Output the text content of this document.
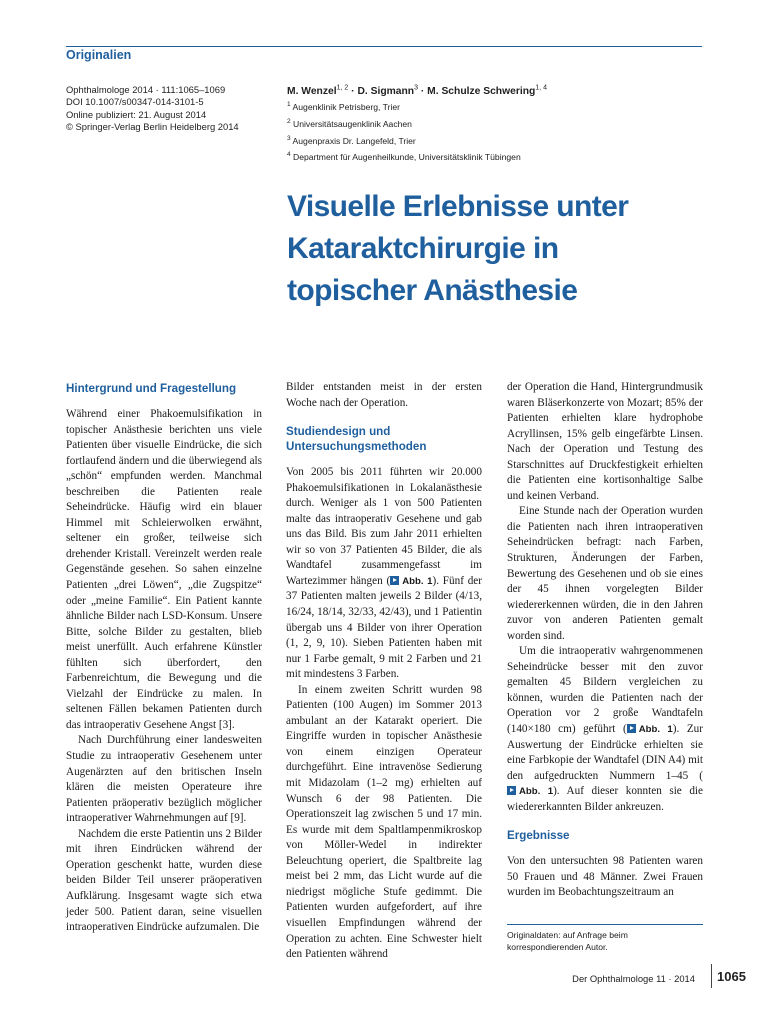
Originalien
Ophthalmologe 2014 · 111:1065–1069
DOI 10.1007/s00347-014-3101-5
Online publiziert: 21. August 2014
© Springer-Verlag Berlin Heidelberg 2014
M. Wenzel$^{1, 2}$ · D. Sigmann$^3$ · M. Schulze Schwering$^{1, 4}$
$^1$ Augenklinik Petrisberg, Trier
$^2$ Universitätsaugenklinik Aachen
$^3$ Augenpraxis Dr. Langefeld, Trier
$^4$ Department für Augenheilkunde, Universitätsklinik Tübingen
Visuelle Erlebnisse unter
Kataraktchirurgie in
topischer Anästhesie
Hintergrund und Fragestellung

Während einer Phakoemulsifikation in topischer Anästhesie berichten uns viele Patienten über visuelle Eindrücke, die sich fortlaufend ändern und die überwiegend als „schön“ empfunden werden. Manchmal beschreiben die Patienten reale Seheindrücke. Häufig wird ein blauer Himmel mit Schleierwolken erwähnt, seltener ein großer, teilweise sich drehender Kristall. Vereinzelt werden reale Gegenstände gesehen. So sahen einzelne Patienten „drei Löwen“, „die Zugspitze“ oder „meine Familie“. Ein Patient kannte ähnliche Bilder nach LSD-Konsum. Unsere Bitte, solche Bilder zu gestalten, blieb meist unerfüllt. Auch erfahrene Künstler fühlten sich überfordert, den Farbenreichtum, die Bewegung und die Vielzahl der Eindrücke zu malen. In seltenen Fällen bekamen Patienten durch das intraoperativ Gesehene Angst [3].

Nach Durchführung einer landesweiten Studie zu intraoperativ Gesehenem unter Augenärzten auf den britischen Inseln klären die meisten Operateure ihre Patienten präoperativ bezüglich möglicher intraoperativer Wahrnehmungen auf [9].

Nachdem die erste Patientin uns 2 Bilder mit ihren Eindrücken während der Operation geschenkt hatte, wurden diese beiden Bilder Teil unserer präoperativen Aufklärung. Insgesamt wagte sich etwa jeder 500. Patient daran, seine visuellen intraoperativen Eindrücke aufzumalen. Die

Bilder entstanden meist in der ersten Woche nach der Operation.

Studiendesign und Untersuchungsmethoden

Von 2005 bis 2011 führten wir 20.000 Phakoemulsifikationen in Lokalanästhesie durch. Weniger als 1 von 500 Patienten malte das intraoperativ Gesehene und gab uns das Bild. Bis zum Jahr 2011 erhielten wir so von 37 Patienten 45 Bilder, die als Wandtafel zusammengefasst im Wartezimmer hängen ( Abb. 1). Fünf der 37 Patienten malten jeweils 2 Bilder (4/13, 16/24, 18/14, 32/33, 42/43), und 1 Patientin übergab uns 4 Bilder von ihrer Operation (1, 2, 9, 10). Sieben Patienten haben mit nur 1 Farbe gemalt, 9 mit 2 Farben und 21 mit mindestens 3 Farben.

In einem zweiten Schritt wurden 98 Patienten (100 Augen) im Sommer 2013 ambulant an der Katarakt operiert. Die Eingriffe wurden in topischer Anästhesie von einem einzigen Operateur durchgeführt. Eine intravenöse Sedierung mit Midazolam (1–2 mg) erhielten auf Wunsch 6 der 98 Patienten. Die Operationszeit lag zwischen 5 und 17 min. Es wurde mit dem Spaltlampenmikroskop von Möller-Wedel in indirekter Beleuchtung operiert, die Spaltbreite lag meist bei 2 mm, das Licht wurde auf die niedrigst mögliche Stufe gedimmt. Die Patienten wurden aufgefordert, auf ihre visuellen Empfindungen während der Operation zu achten. Eine Schwester hielt den Patienten während

der Operation die Hand, Hintergrundmusik waren Bläserkonzerte von Mozart; 85% der Patienten erhielten klare hydrophobe Acryllinsen, 15% gelb eingefärbte Linsen. Nach der Operation und Testung des Starschnittes auf Druckfestigkeit erhielten die Patienten eine kortisonhaltige Salbe und keinen Verband.

Eine Stunde nach der Operation wurden die Patienten nach ihren intraoperativen Seheindrücken befragt: nach Farben, Strukturen, Änderungen der Farben, Bewertung des Gesehenen und ob sie eines der 45 ihnen vorgelegten Bilder wiedererkennen würden, die in den Jahren zuvor von anderen Patienten gemalt worden sind.

Um die intraoperativ wahrgenommenen Seheindrücke besser mit den zuvor gemalten 45 Bildern vergleichen zu können, wurden die Patienten nach der Operation vor 2 große Wandtafeln (140×180 cm) geführt ( Abb. 1). Zur Auswertung der Eindrücke erhielten sie eine Farbkopie der Wandtafel (DIN A4) mit den aufgedruckten Nummern 1–45 (Abb. 1). Auf dieser konnten sie die wiedererkannten Bilder ankreuzen.

Ergebnisse

Von den untersuchten 98 Patienten waren 50 Frauen und 48 Männer. Zwei Frauen wurden im Beobachtungszeitraum an

Originaldaten: auf Anfrage beim korrespondierenden Autor.
Der Ophthalmologe 11 · 2014 1065
